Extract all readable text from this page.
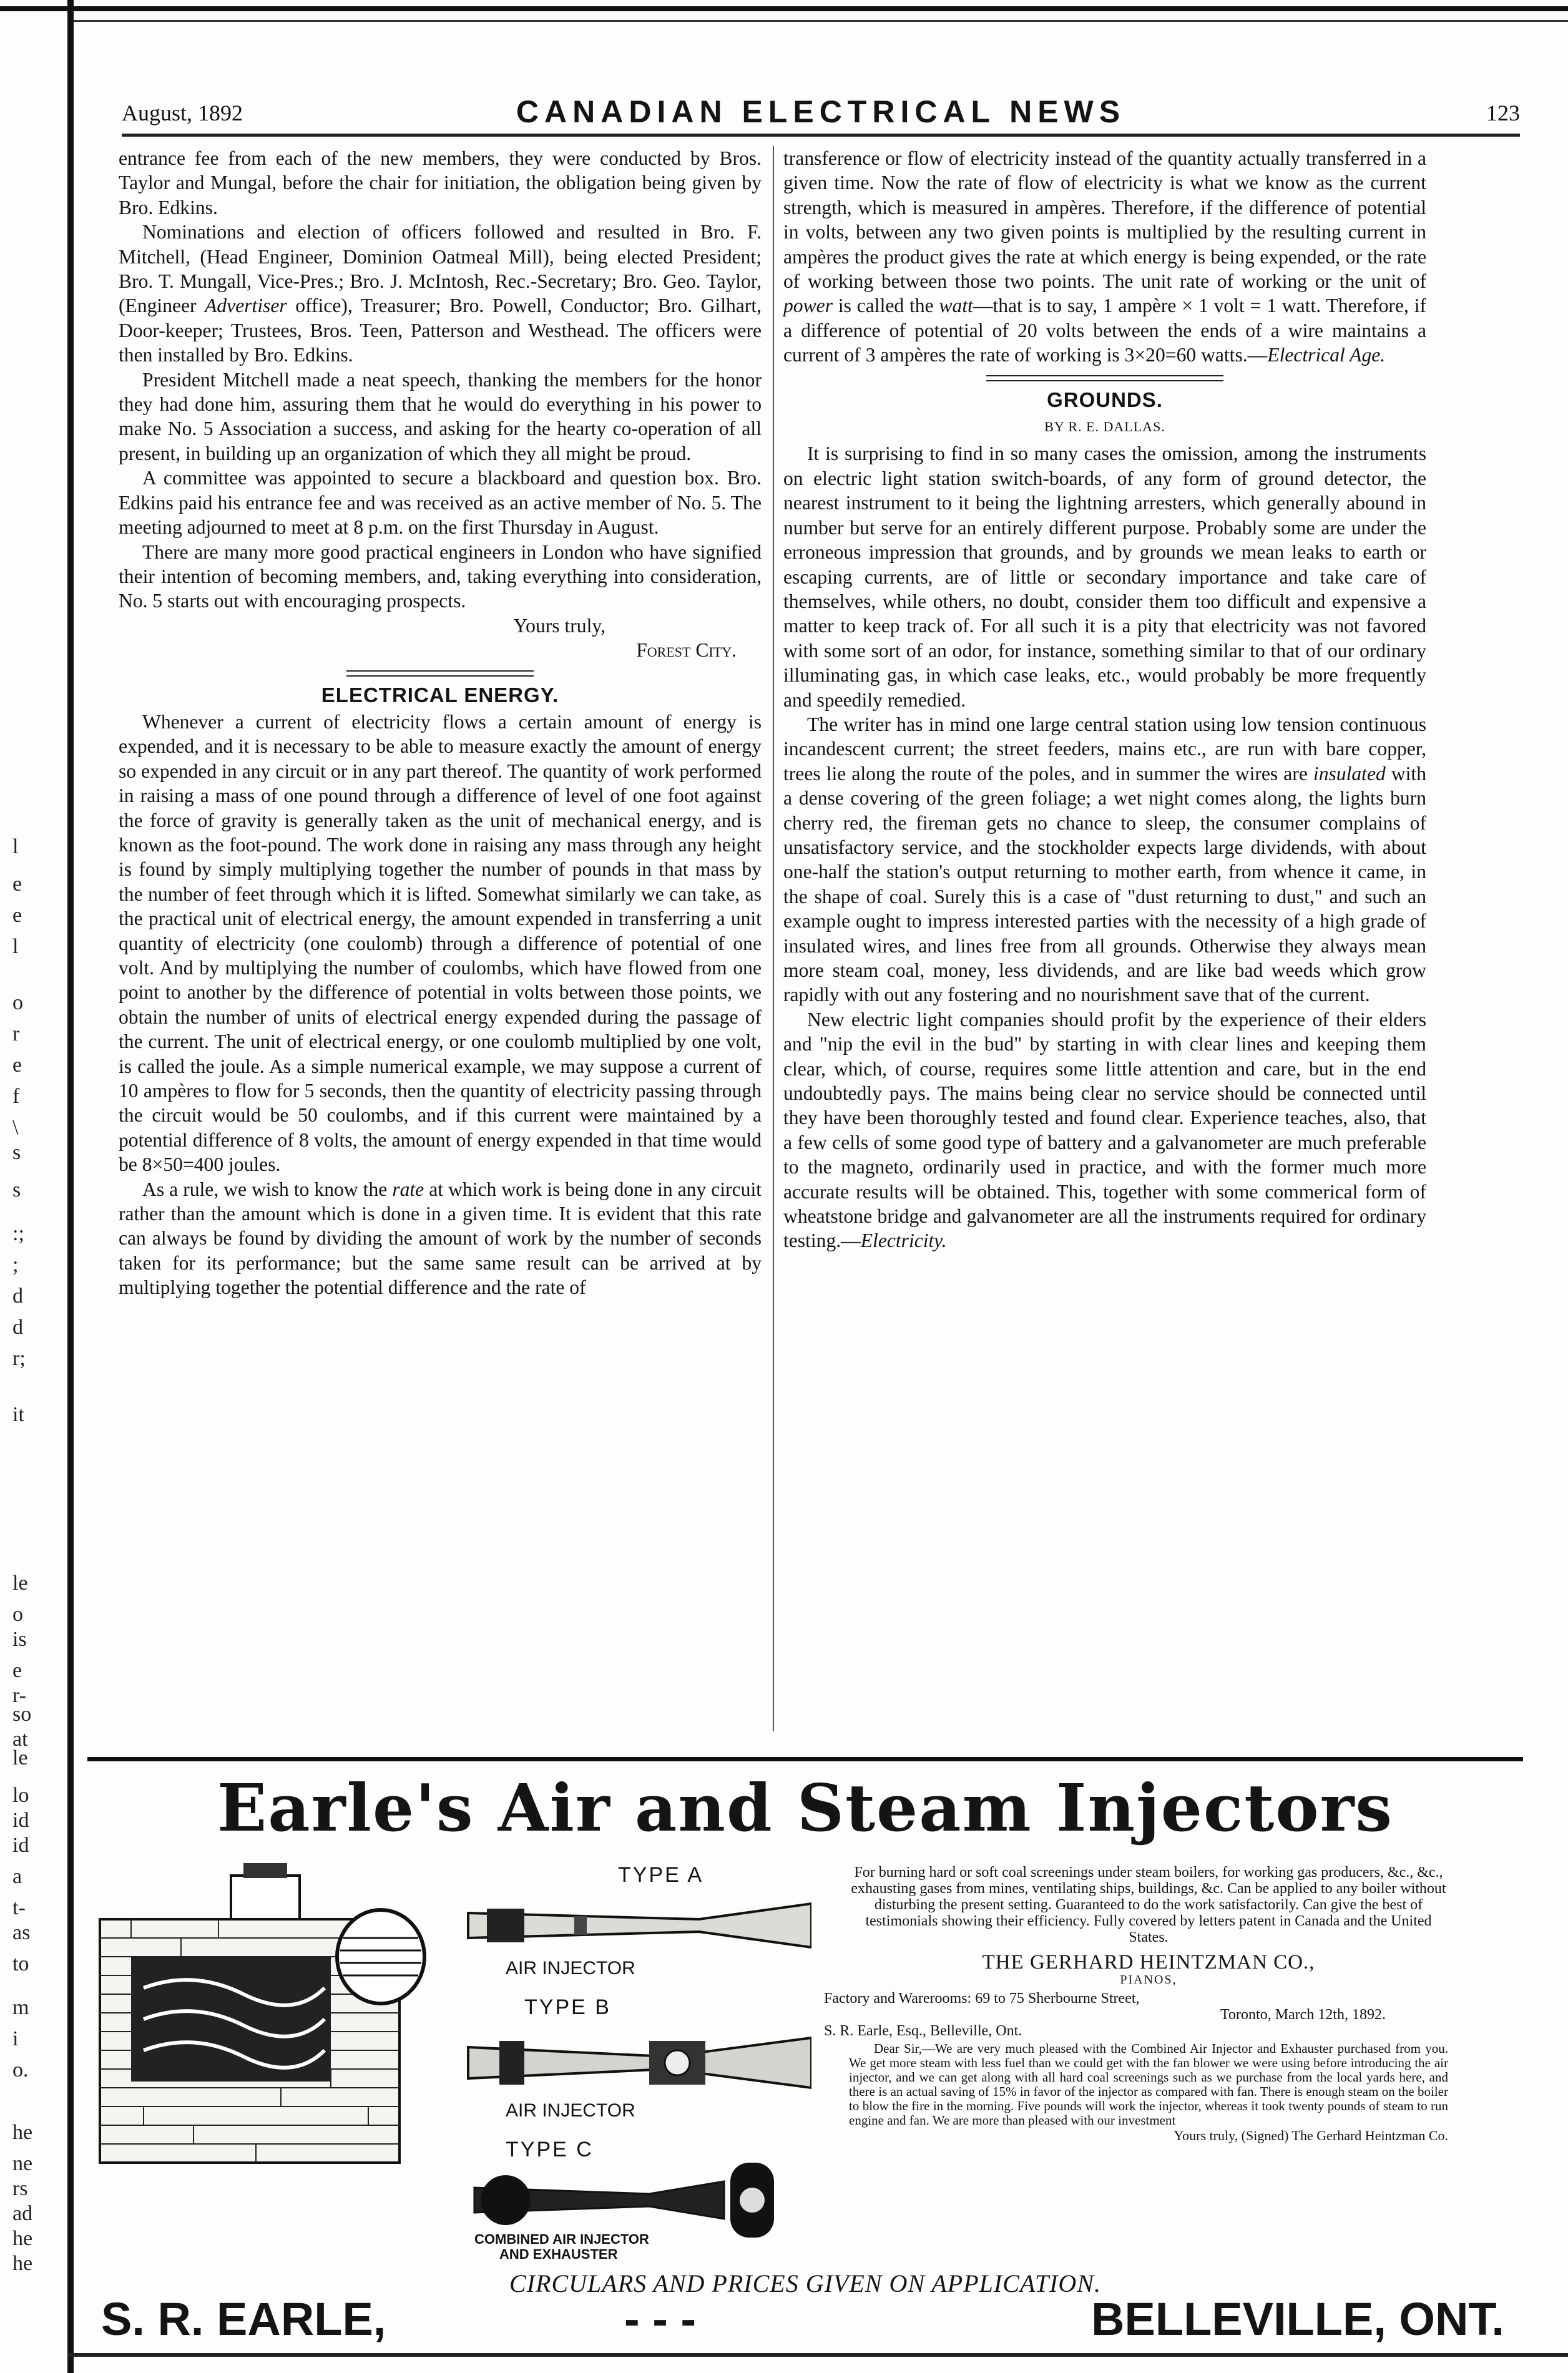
l
e
e
l
o
r
e
f
\
s
s
:;
;
d
d
r;
it
le
o
is
e
r-
so
at
le
lo
id
id
a
t-
as
to
m
i
o.
he
ne
rs
ad
he
he
August, 1892	CANADIAN ELECTRICAL NEWS	123

entrance fee from each of the new members, they were conducted by Bros. Taylor and Mungal, before the chair for initiation, the obligation being given by Bro. Edkins.

Nominations and election of officers followed and resulted in Bro. F. Mitchell, (Head Engineer, Dominion Oatmeal Mill), being elected President; Bro. T. Mungall, Vice-Pres.; Bro. J. McIntosh, Rec.-Secretary; Bro. Geo. Taylor, (Engineer Advertiser office), Treasurer; Bro. Powell, Conductor; Bro. Gilhart, Door-keeper; Trustees, Bros. Teen, Patterson and Westhead. The officers were then installed by Bro. Edkins.

President Mitchell made a neat speech, thanking the members for the honor they had done him, assuring them that he would do everything in his power to make No. 5 Association a success, and asking for the hearty co-operation of all present, in building up an organization of which they all might be proud.

A committee was appointed to secure a blackboard and question box. Bro. Edkins paid his entrance fee and was received as an active member of No. 5. The meeting adjourned to meet at 8 p.m. on the first Thursday in August.

There are many more good practical engineers in London who have signified their intention of becoming members, and, taking everything into consideration, No. 5 starts out with encouraging prospects.

Yours truly,

Forest City.

ELECTRICAL ENERGY.

Whenever a current of electricity flows a certain amount of energy is expended, and it is necessary to be able to measure exactly the amount of energy so expended in any circuit or in any part thereof. The quantity of work performed in raising a mass of one pound through a difference of level of one foot against the force of gravity is generally taken as the unit of mechanical energy, and is known as the foot-pound. The work done in raising any mass through any height is found by simply multiplying together the number of pounds in that mass by the number of feet through which it is lifted. Somewhat similarly we can take, as the practical unit of electrical energy, the amount expended in transferring a unit quantity of electricity (one coulomb) through a difference of potential of one volt. And by multiplying the number of coulombs, which have flowed from one point to another by the difference of potential in volts between those points, we obtain the number of units of electrical energy expended during the passage of the current. The unit of electrical energy, or one coulomb multiplied by one volt, is called the joule. As a simple numerical example, we may suppose a current of 10 ampères to flow for 5 seconds, then the quantity of electricity passing through the circuit would be 50 coulombs, and if this current were maintained by a potential difference of 8 volts, the amount of energy expended in that time would be 8×50=400 joules.

As a rule, we wish to know the rate at which work is being done in any circuit rather than the amount which is done in a given time. It is evident that this rate can always be found by dividing the amount of work by the number of seconds taken for its performance; but the same same result can be arrived at by multiplying together the potential difference and the rate of

transference or flow of electricity instead of the quantity actually transferred in a given time. Now the rate of flow of electricity is what we know as the current strength, which is measured in ampères. Therefore, if the difference of potential in volts, between any two given points is multiplied by the resulting current in ampères the product gives the rate at which energy is being expended, or the rate of working between those two points. The unit rate of working or the unit of power is called the watt—that is to say, 1 ampère × 1 volt = 1 watt. Therefore, if a difference of potential of 20 volts between the ends of a wire maintains a current of 3 ampères the rate of working is 3×20=60 watts.—Electrical Age.

GROUNDS.
BY R. E. DALLAS.

It is surprising to find in so many cases the omission, among the instruments on electric light station switch-boards, of any form of ground detector, the nearest instrument to it being the lightning arresters, which generally abound in number but serve for an entirely different purpose. Probably some are under the erroneous impression that grounds, and by grounds we mean leaks to earth or escaping currents, are of little or secondary importance and take care of themselves, while others, no doubt, consider them too difficult and expensive a matter to keep track of. For all such it is a pity that electricity was not favored with some sort of an odor, for instance, something similar to that of our ordinary illuminating gas, in which case leaks, etc., would probably be more frequently and speedily remedied.

The writer has in mind one large central station using low tension continuous incandescent current; the street feeders, mains etc., are run with bare copper, trees lie along the route of the poles, and in summer the wires are insulated with a dense covering of the green foliage; a wet night comes along, the lights burn cherry red, the fireman gets no chance to sleep, the consumer complains of unsatisfactory service, and the stockholder expects large dividends, with about one-half the station's output returning to mother earth, from whence it came, in the shape of coal. Surely this is a case of "dust returning to dust," and such an example ought to impress interested parties with the necessity of a high grade of insulated wires, and lines free from all grounds. Otherwise they always mean more steam coal, money, less dividends, and are like bad weeds which grow rapidly with out any fostering and no nourishment save that of the current.

New electric light companies should profit by the experience of their elders and "nip the evil in the bud" by starting in with clear lines and keeping them clear, which, of course, requires some little attention and care, but in the end undoubtedly pays. The mains being clear no service should be connected until they have been thoroughly tested and found clear. Experience teaches, also, that a few cells of some good type of battery and a galvanometer are much preferable to the magneto, ordinarily used in practice, and with the former much more accurate results will be obtained. This, together with some commerical form of wheatstone bridge and galvanometer are all the instruments required for ordinary testing.—Electricity.

Earle's Air and Steam Injectors
TYPE A
AIR INJECTOR
TYPE B
AIR INJECTOR
TYPE C
COMBINED AIR INJECTOR
AND EXHAUSTER

For burning hard or soft coal screenings under steam boilers, for working gas producers, &c., &c., exhausting gases from mines, ventilating ships, buildings, &c. Can be applied to any boiler without disturbing the present setting. Guaranteed to do the work satisfactorily. Can give the best of testimonials showing their efficiency. Fully covered by letters patent in Canada and the United States.

THE GERHARD HEINTZMAN CO.,

PIANOS,

Factory and Warerooms: 69 to 75 Sherbourne Street,

Toronto, March 12th, 1892.

S. R. Earle, Esq., Belleville, Ont.

Dear Sir,—We are very much pleased with the Combined Air Injector and Exhauster purchased from you. We get more steam with less fuel than we could get with the fan blower we were using before introducing the air injector, and we can get along with all hard coal screenings such as we purchase from the local yards here, and there is an actual saving of 15% in favor of the injector as compared with fan. There is enough steam on the boiler to blow the fire in the morning. Five pounds will work the injector, whereas it took twenty pounds of steam to run engine and fan. We are more than pleased with our investment

Yours truly, (Signed) The Gerhard Heintzman Co.

CIRCULARS AND PRICES GIVEN ON APPLICATION.
S. R. EARLE,	- - -	BELLEVILLE, ONT.
